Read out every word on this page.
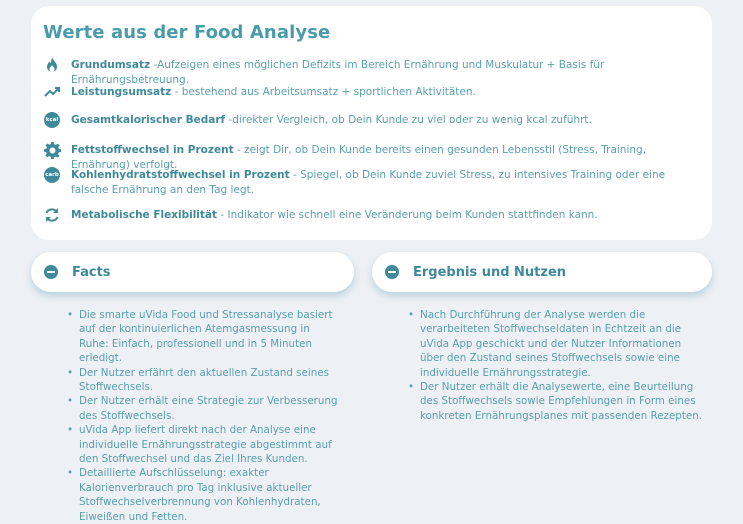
Werte aus der Food Analyse
Grundumsatz -Aufzeigen eines möglichen Defizits im Bereich Ernährung und Muskulatur + Basis für Ernährungsbetreuung.
Leistungsumsatz - bestehend aus Arbeitsumsatz + sportlichen Aktivitäten.
kcal Gesamtkalorischer Bedarf -direkter Vergleich, ob Dein Kunde zu viel oder zu wenig kcal zuführt.
Fettstoffwechsel in Prozent - zeigt Dir, ob Dein Kunde bereits einen gesunden Lebensstil (Stress, Training, Ernährung) verfolgt.
carb Kohlenhydratstoffwechsel in Prozent - Spiegel, ob Dein Kunde zuviel Stress, zu intensives Training oder eine falsche Ernährung an den Tag legt.
Metabolische Flexibilität - Indikator wie schnell eine Veränderung beim Kunden stattfinden kann.
Facts	Ergebnis und Nutzen
• Die smarte uVida Food und Stressanalyse basiert auf der kontinuierlichen Atemgasmessung in Ruhe: Einfach, professionell und in 5 Minuten erledigt.
• Der Nutzer erfährt den aktuellen Zustand seines Stoffwechsels.
• Der Nutzer erhält eine Strategie zur Verbesserung des Stoffwechsels.
• uVida App liefert direkt nach der Analyse eine individuelle Ernährungsstrategie abgestimmt auf den Stoffwechsel und das Ziel Ihres Kunden.
• Detaillierte Aufschlüsselung: exakter Kalorienverbrauch pro Tag inklusive aktueller Stoffwechselverbrennung von Kohlenhydraten, Eiweißen und Fetten.
• Nach Durchführung der Analyse werden die verarbeiteten Stoffwechseldaten in Echtzeit an die uVida App geschickt und der Nutzer Informationen über den Zustand seines Stoffwechsels sowie eine individuelle Ernährungsstrategie.
• Der Nutzer erhält die Analysewerte, eine Beurteilung des Stoffwechsels sowie Empfehlungen in Form eines konkreten Ernährungsplanes mit passenden Rezepten.
